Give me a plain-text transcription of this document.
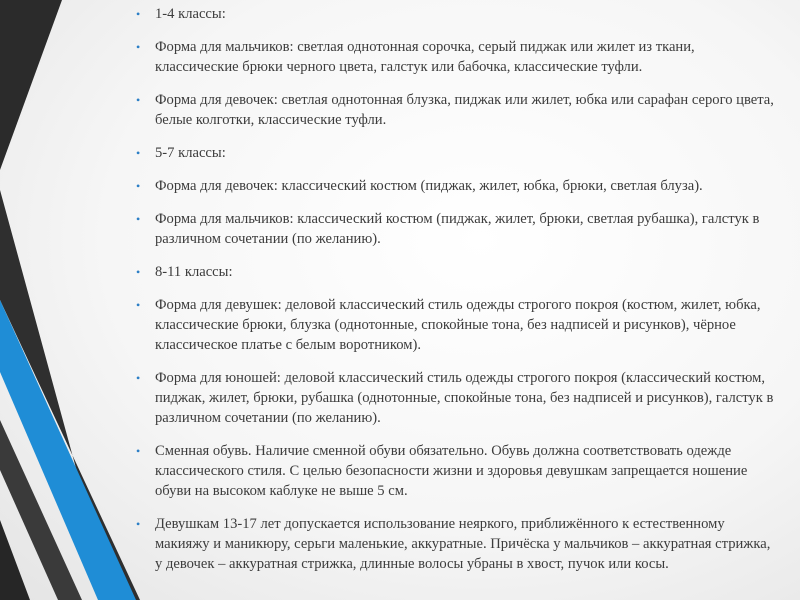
• 1-4 классы:
• Форма для мальчиков: светлая однотонная сорочка, серый пиджак или жилет из ткани, классические брюки черного цвета, галстук или бабочка, классические туфли.
• Форма для девочек: светлая однотонная блузка, пиджак или жилет, юбка или сарафан серого цвета, белые колготки, классические туфли.
• 5-7 классы:
• Форма для девочек: классический костюм (пиджак, жилет, юбка, брюки, светлая блуза).
• Форма для мальчиков: классический костюм (пиджак, жилет, брюки, светлая рубашка), галстук в различном сочетании (по желанию).
• 8-11 классы:
• Форма для девушек: деловой классический стиль одежды строгого покроя (костюм, жилет, юбка, классические брюки, блузка (однотонные, спокойные тона, без надписей и рисунков), чёрное классическое платье с белым воротником).
• Форма для юношей: деловой классический стиль одежды строгого покроя (классический костюм, пиджак, жилет, брюки, рубашка (однотонные, спокойные тона, без надписей и рисунков), галстук в различном сочетании (по желанию).
• Сменная обувь. Наличие сменной обуви обязательно. Обувь должна соответствовать одежде классического стиля. С целью безопасности жизни и здоровья девушкам запрещается ношение обуви на высоком каблуке не выше 5 см.
• Девушкам 13-17 лет допускается использование неяркого, приближённого к естественному макияжу и маникюру, серьги маленькие, аккуратные. Причёска у мальчиков – аккуратная стрижка, у девочек – аккуратная стрижка, длинные волосы убраны в хвост, пучок или косы.
